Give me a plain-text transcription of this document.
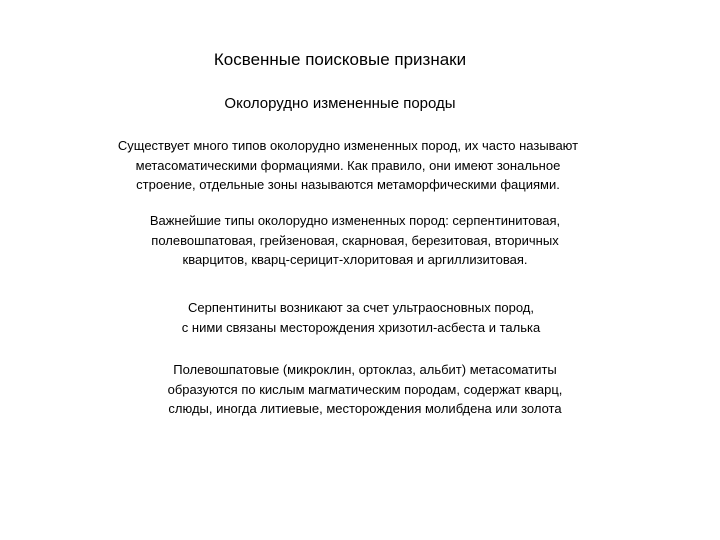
Косвенные поисковые признаки
Околорудно измененные породы
Существует много типов околорудно измененных пород, их часто называют
метасоматическими формациями. Как правило, они имеют зональное
строение, отдельные зоны называются метаморфическими фациями.
Важнейшие типы околорудно измененных пород: серпентинитовая,
полевошпатовая, грейзеновая, скарновая, березитовая, вторичных
кварцитов, кварц-серицит-хлоритовая и аргиллизитовая.
Серпентиниты возникают за счет ультраосновных пород,
с ними связаны месторождения хризотил-асбеста и талька
Полевошпатовые (микроклин, ортоклаз, альбит) метасоматиты
образуются по кислым магматическим породам, содержат кварц,
слюды, иногда литиевые, месторождения молибдена или золота
